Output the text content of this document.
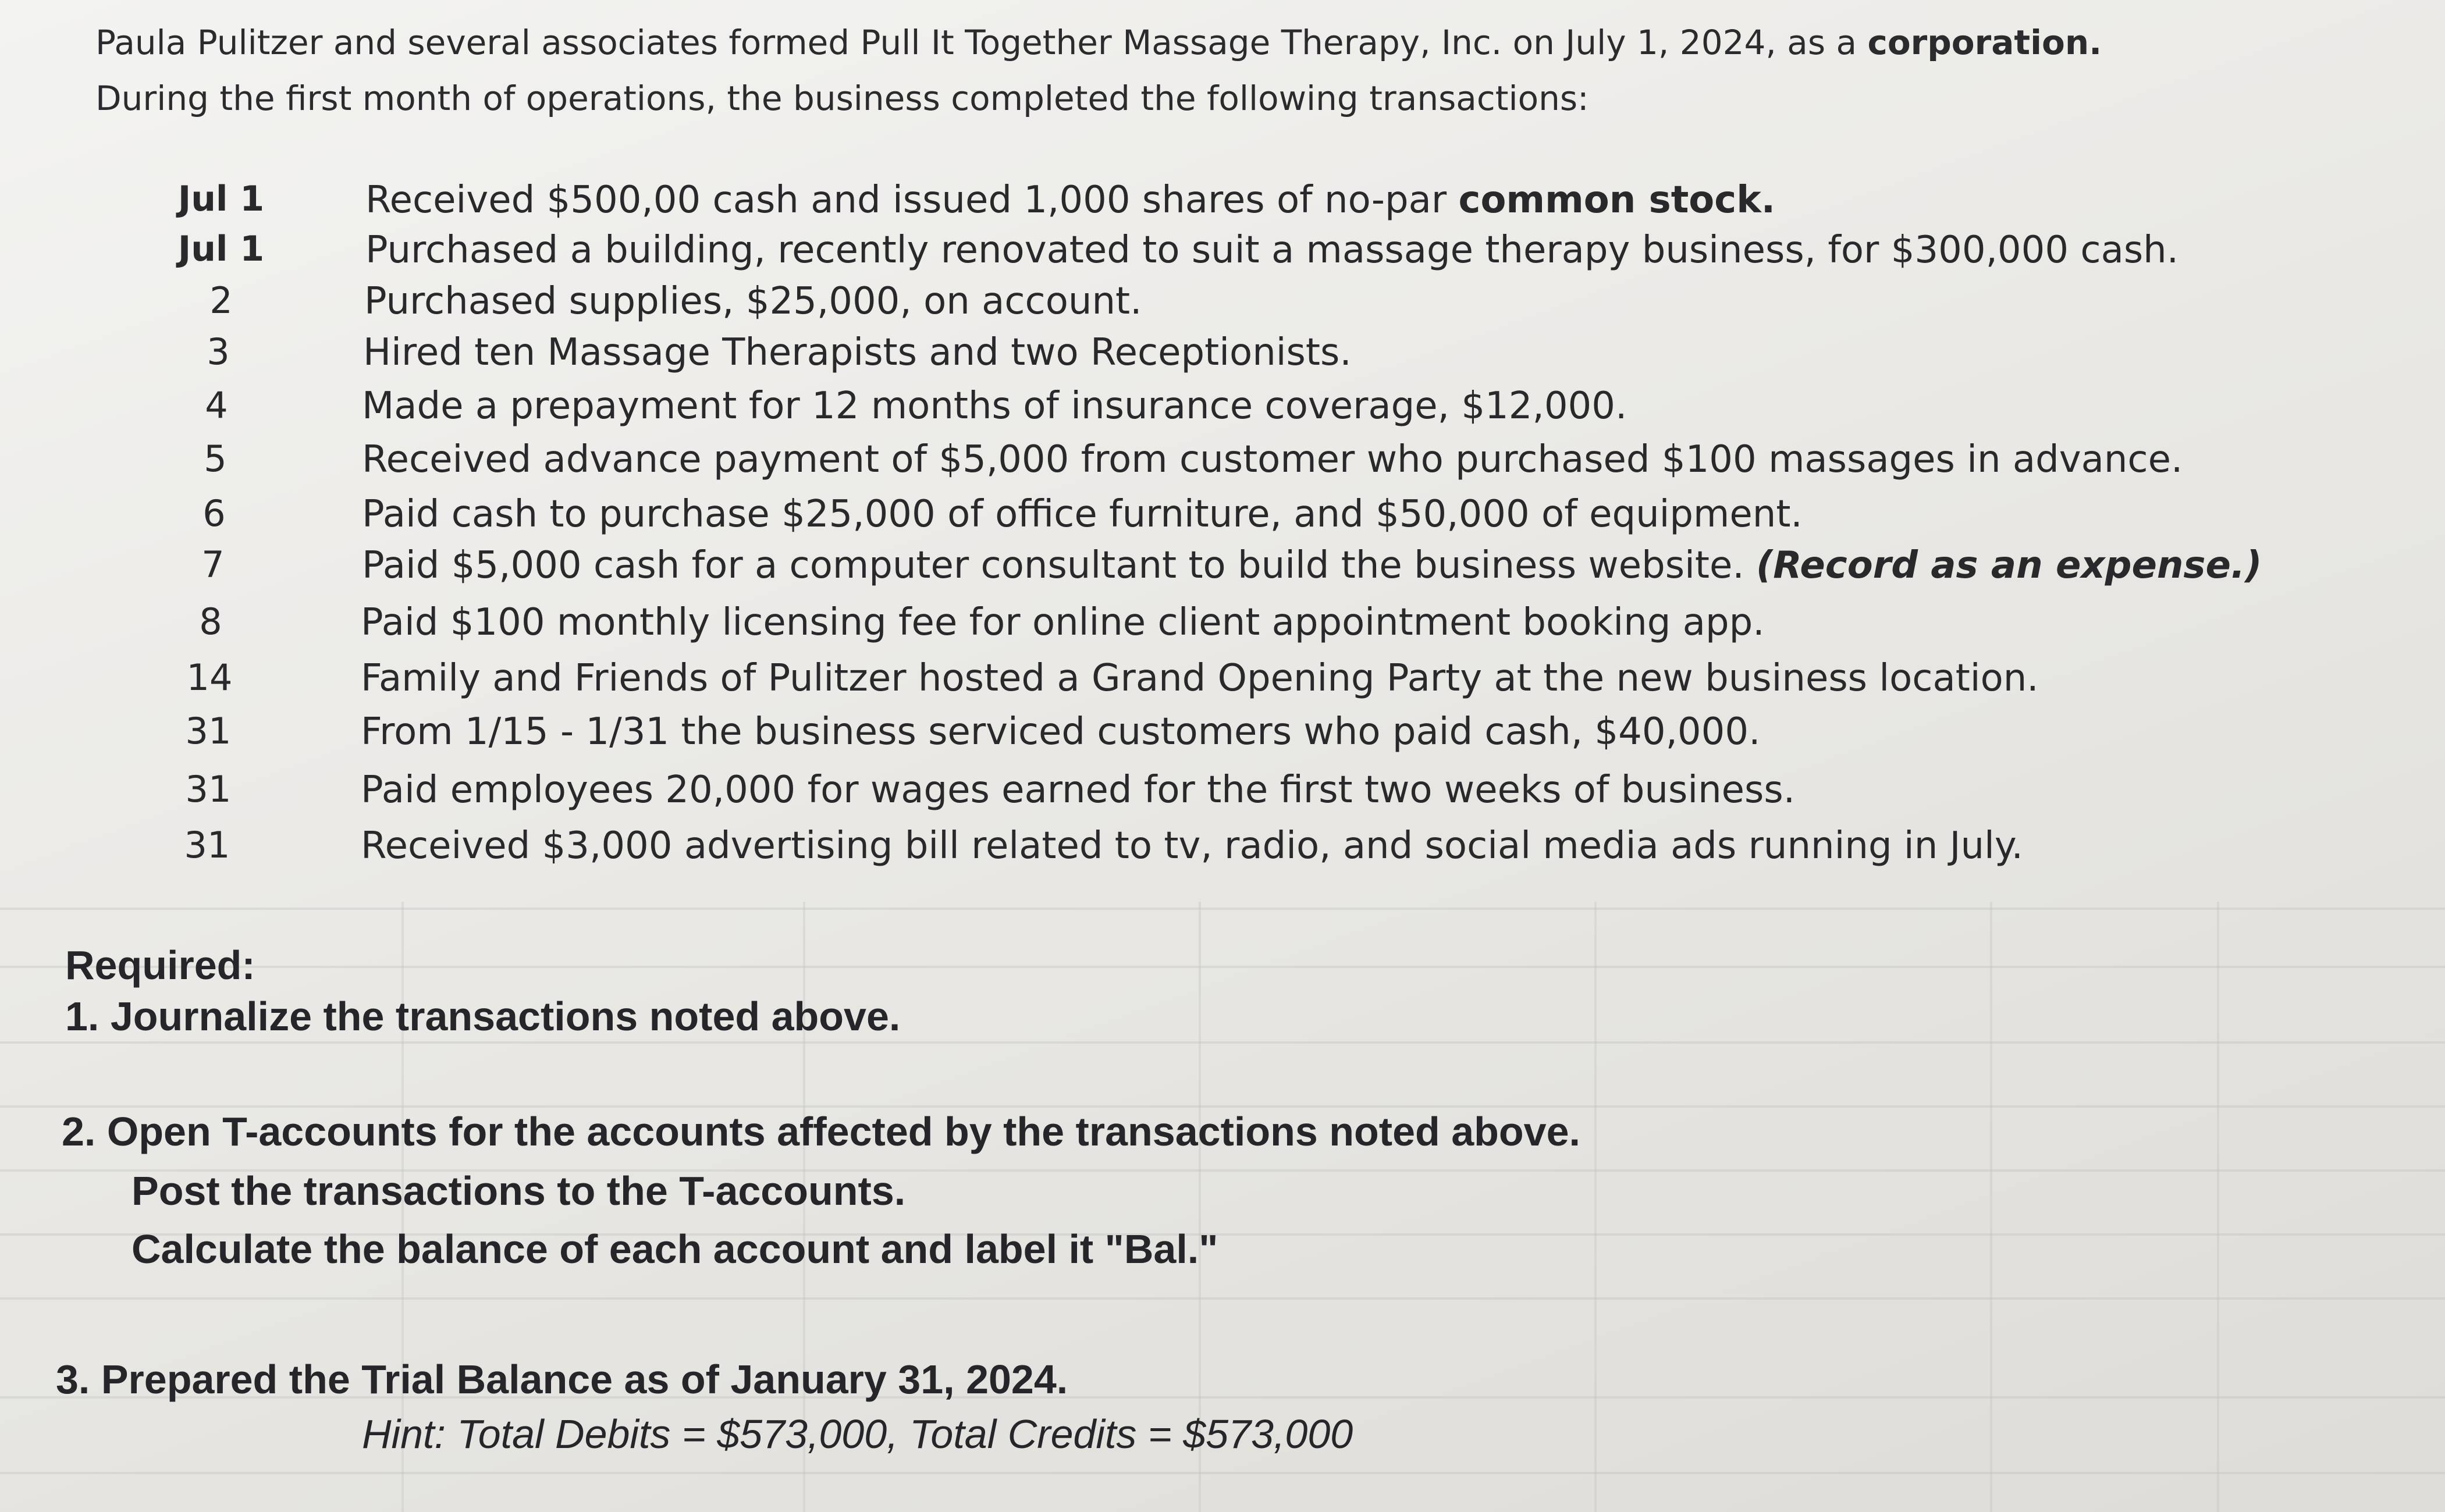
Paula Pulitzer and several associates formed Pull It Together Massage Therapy, Inc. on July 1, 2024, as a corporation.
During the first month of operations, the business completed the following transactions:
Jul 1	Received $500,00 cash and issued 1,000 shares of no-par common stock.
Jul 1	Purchased a building, recently renovated to suit a massage therapy business, for $300,000 cash.
2	Purchased supplies, $25,000, on account.
3	Hired ten Massage Therapists and two Receptionists.
4	Made a prepayment for 12 months of insurance coverage, $12,000.
5	Received advance payment of $5,000 from customer who purchased $100 massages in advance.
6	Paid cash to purchase $25,000 of office furniture, and $50,000 of equipment.
7	Paid $5,000 cash for a computer consultant to build the business website. (Record as an expense.)
8	Paid $100 monthly licensing fee for online client appointment booking app.
14	Family and Friends of Pulitzer hosted a Grand Opening Party at the new business location.
31	From 1/15 - 1/31 the business serviced customers who paid cash, $40,000.
31	Paid employees 20,000 for wages earned for the first two weeks of business.
31	Received $3,000 advertising bill related to tv, radio, and social media ads running in July.
Required:
1. Journalize the transactions noted above.
2. Open T-accounts for the accounts affected by the transactions noted above.
Post the transactions to the T-accounts.
Calculate the balance of each account and label it "Bal."
3. Prepared the Trial Balance as of January 31, 2024.
Hint: Total Debits = $573,000, Total Credits = $573,000
